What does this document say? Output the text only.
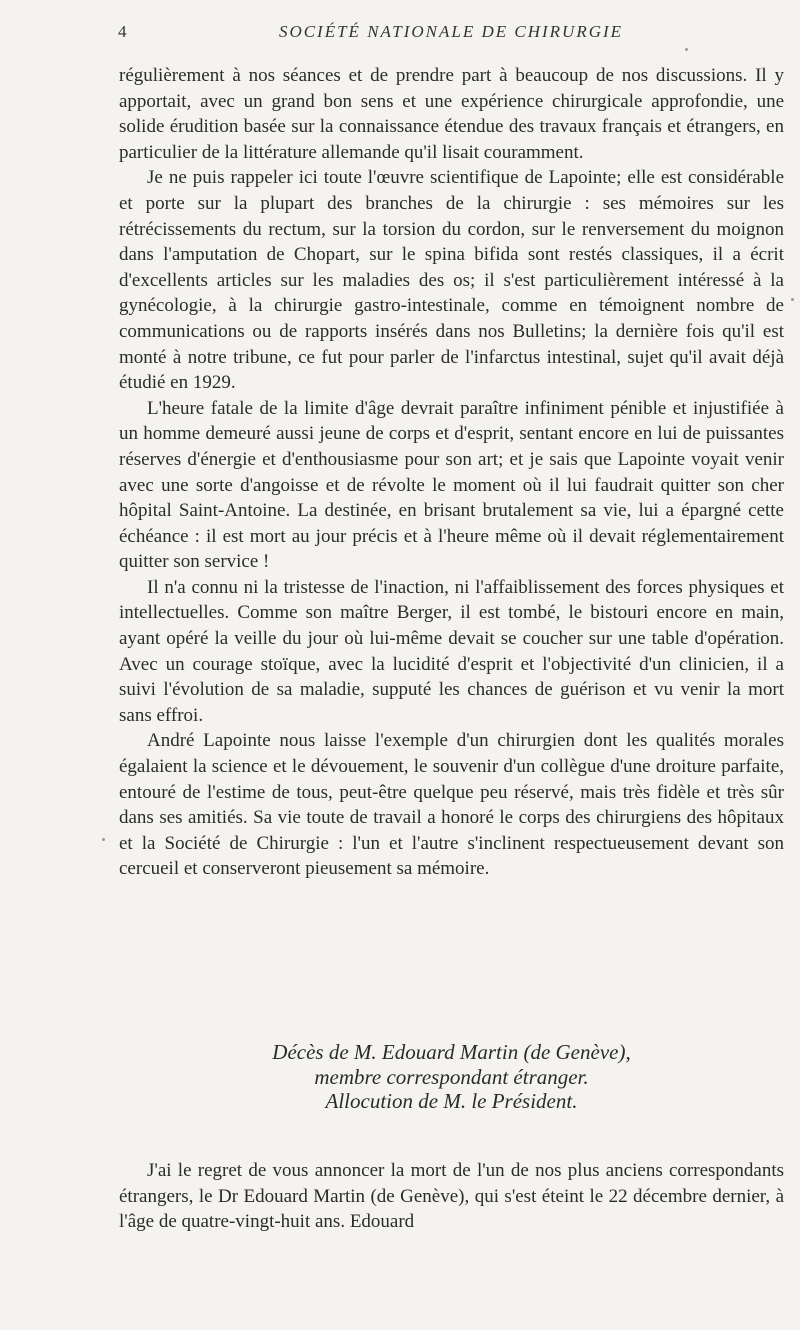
4	SOCIÉTÉ NATIONALE DE CHIRURGIE

régulièrement à nos séances et de prendre part à beaucoup de nos discussions. Il y apportait, avec un grand bon sens et une expérience chirurgicale approfondie, une solide érudition basée sur la connaissance étendue des travaux français et étrangers, en particulier de la littérature allemande qu'il lisait couramment.

Je ne puis rappeler ici toute l'œuvre scientifique de Lapointe; elle est considérable et porte sur la plupart des branches de la chirurgie : ses mémoires sur les rétrécissements du rectum, sur la torsion du cordon, sur le renversement du moignon dans l'amputation de Chopart, sur le spina bifida sont restés classiques, il a écrit d'excellents articles sur les maladies des os; il s'est particulièrement intéressé à la gynécologie, à la chirurgie gastro-intestinale, comme en témoignent nombre de communications ou de rapports insérés dans nos Bulletins; la dernière fois qu'il est monté à notre tribune, ce fut pour parler de l'infarctus intestinal, sujet qu'il avait déjà étudié en 1929.

L'heure fatale de la limite d'âge devrait paraître infiniment pénible et injustifiée à un homme demeuré aussi jeune de corps et d'esprit, sentant encore en lui de puissantes réserves d'énergie et d'enthousiasme pour son art; et je sais que Lapointe voyait venir avec une sorte d'angoisse et de révolte le moment où il lui faudrait quitter son cher hôpital Saint-Antoine. La destinée, en brisant brutalement sa vie, lui a épargné cette échéance : il est mort au jour précis et à l'heure même où il devait réglementairement quitter son service !

Il n'a connu ni la tristesse de l'inaction, ni l'affaiblissement des forces physiques et intellectuelles. Comme son maître Berger, il est tombé, le bistouri encore en main, ayant opéré la veille du jour où lui-même devait se coucher sur une table d'opération. Avec un courage stoïque, avec la lucidité d'esprit et l'objectivité d'un clinicien, il a suivi l'évolution de sa maladie, supputé les chances de guérison et vu venir la mort sans effroi.

André Lapointe nous laisse l'exemple d'un chirurgien dont les qualités morales égalaient la science et le dévouement, le souvenir d'un collègue d'une droiture parfaite, entouré de l'estime de tous, peut-être quelque peu réservé, mais très fidèle et très sûr dans ses amitiés. Sa vie toute de travail a honoré le corps des chirurgiens des hôpitaux et la Société de Chirurgie : l'un et l'autre s'inclinent respectueusement devant son cercueil et conserveront pieusement sa mémoire.

Décès de M. Edouard Martin (de Genève),
membre correspondant étranger.
Allocution de M. le Président.

J'ai le regret de vous annoncer la mort de l'un de nos plus anciens correspondants étrangers, le Dr Edouard Martin (de Genève), qui s'est éteint le 22 décembre dernier, à l'âge de quatre-vingt-huit ans. Edouard
